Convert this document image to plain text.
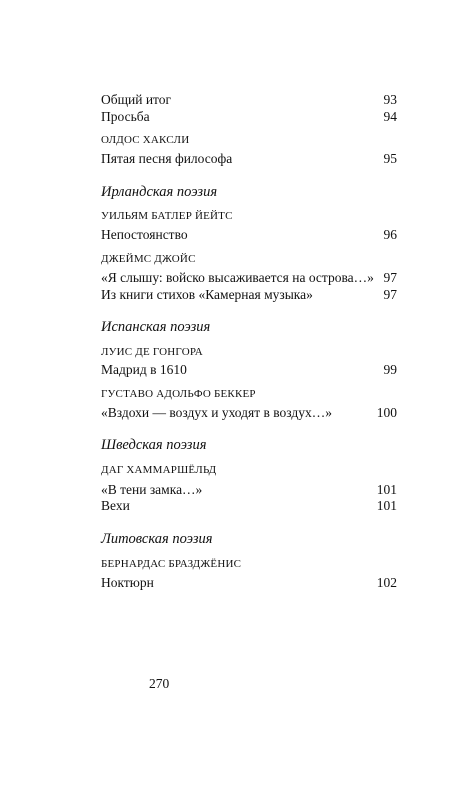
Общий итог	93
Просьба	94
ОЛДОС ХАКСЛИ
Пятая песня философа	95
Ирландская поэзия
УИЛЬЯМ БАТЛЕР ЙЕЙТС
Непостоянство	96
ДЖЕЙМС ДЖОЙС
«Я слышу: войско высаживается на острова…» 97
Из книги стихов «Камерная музыка»	97
Испанская поэзия
ЛУИС ДЕ ГОНГОРА
Мадрид в 1610	99
ГУСТАВО АДОЛЬФО БЕККЕР
«Вздохи — воздух и уходят в воздух…»	100
Шведская поэзия
ДАГ ХАММАРШЁЛЬД
«В тени замка…»	101
Вехи	101
Литовская поэзия
БЕРНАРДАС БРАЗДЖЁНИС
Ноктюрн	102
270
